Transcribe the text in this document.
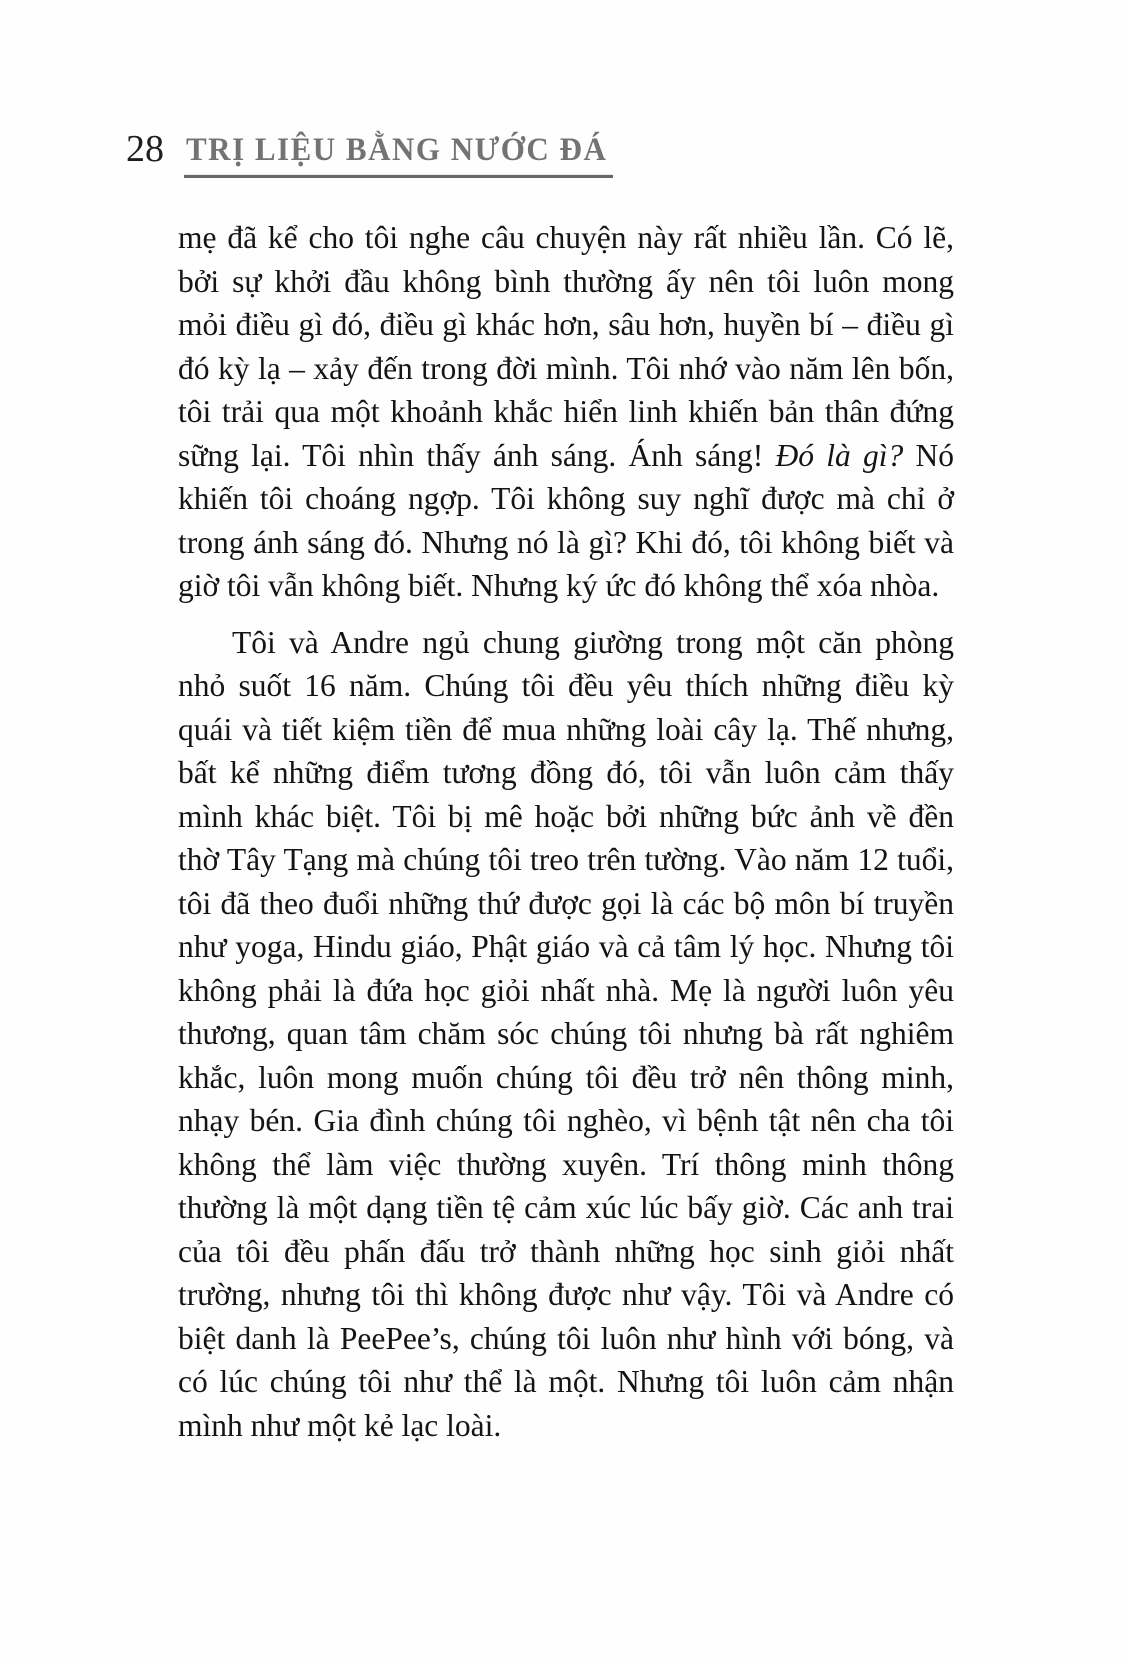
28 TRỊ LIỆU BẰNG NƯỚC ĐÁ

mẹ đã kể cho tôi nghe câu chuyện này rất nhiều lần. Có lẽ, bởi sự khởi đầu không bình thường ấy nên tôi luôn mong mỏi điều gì đó, điều gì khác hơn, sâu hơn, huyền bí – điều gì đó kỳ lạ – xảy đến trong đời mình. Tôi nhớ vào năm lên bốn, tôi trải qua một khoảnh khắc hiển linh khiến bản thân đứng sững lại. Tôi nhìn thấy ánh sáng. Ánh sáng! Đó là gì? Nó khiến tôi choáng ngợp. Tôi không suy nghĩ được mà chỉ ở trong ánh sáng đó. Nhưng nó là gì? Khi đó, tôi không biết và giờ tôi vẫn không biết. Nhưng ký ức đó không thể xóa nhòa.

Tôi và Andre ngủ chung giường trong một căn phòng nhỏ suốt 16 năm. Chúng tôi đều yêu thích những điều kỳ quái và tiết kiệm tiền để mua những loài cây lạ. Thế nhưng, bất kể những điểm tương đồng đó, tôi vẫn luôn cảm thấy mình khác biệt. Tôi bị mê hoặc bởi những bức ảnh về đền thờ Tây Tạng mà chúng tôi treo trên tường. Vào năm 12 tuổi, tôi đã theo đuổi những thứ được gọi là các bộ môn bí truyền như yoga, Hindu giáo, Phật giáo và cả tâm lý học. Nhưng tôi không phải là đứa học giỏi nhất nhà. Mẹ là người luôn yêu thương, quan tâm chăm sóc chúng tôi nhưng bà rất nghiêm khắc, luôn mong muốn chúng tôi đều trở nên thông minh, nhạy bén. Gia đình chúng tôi nghèo, vì bệnh tật nên cha tôi không thể làm việc thường xuyên. Trí thông minh thông thường là một dạng tiền tệ cảm xúc lúc bấy giờ. Các anh trai của tôi đều phấn đấu trở thành những học sinh giỏi nhất trường, nhưng tôi thì không được như vậy. Tôi và Andre có biệt danh là PeePee’s, chúng tôi luôn như hình với bóng, và có lúc chúng tôi như thể là một. Nhưng tôi luôn cảm nhận mình như một kẻ lạc loài.
